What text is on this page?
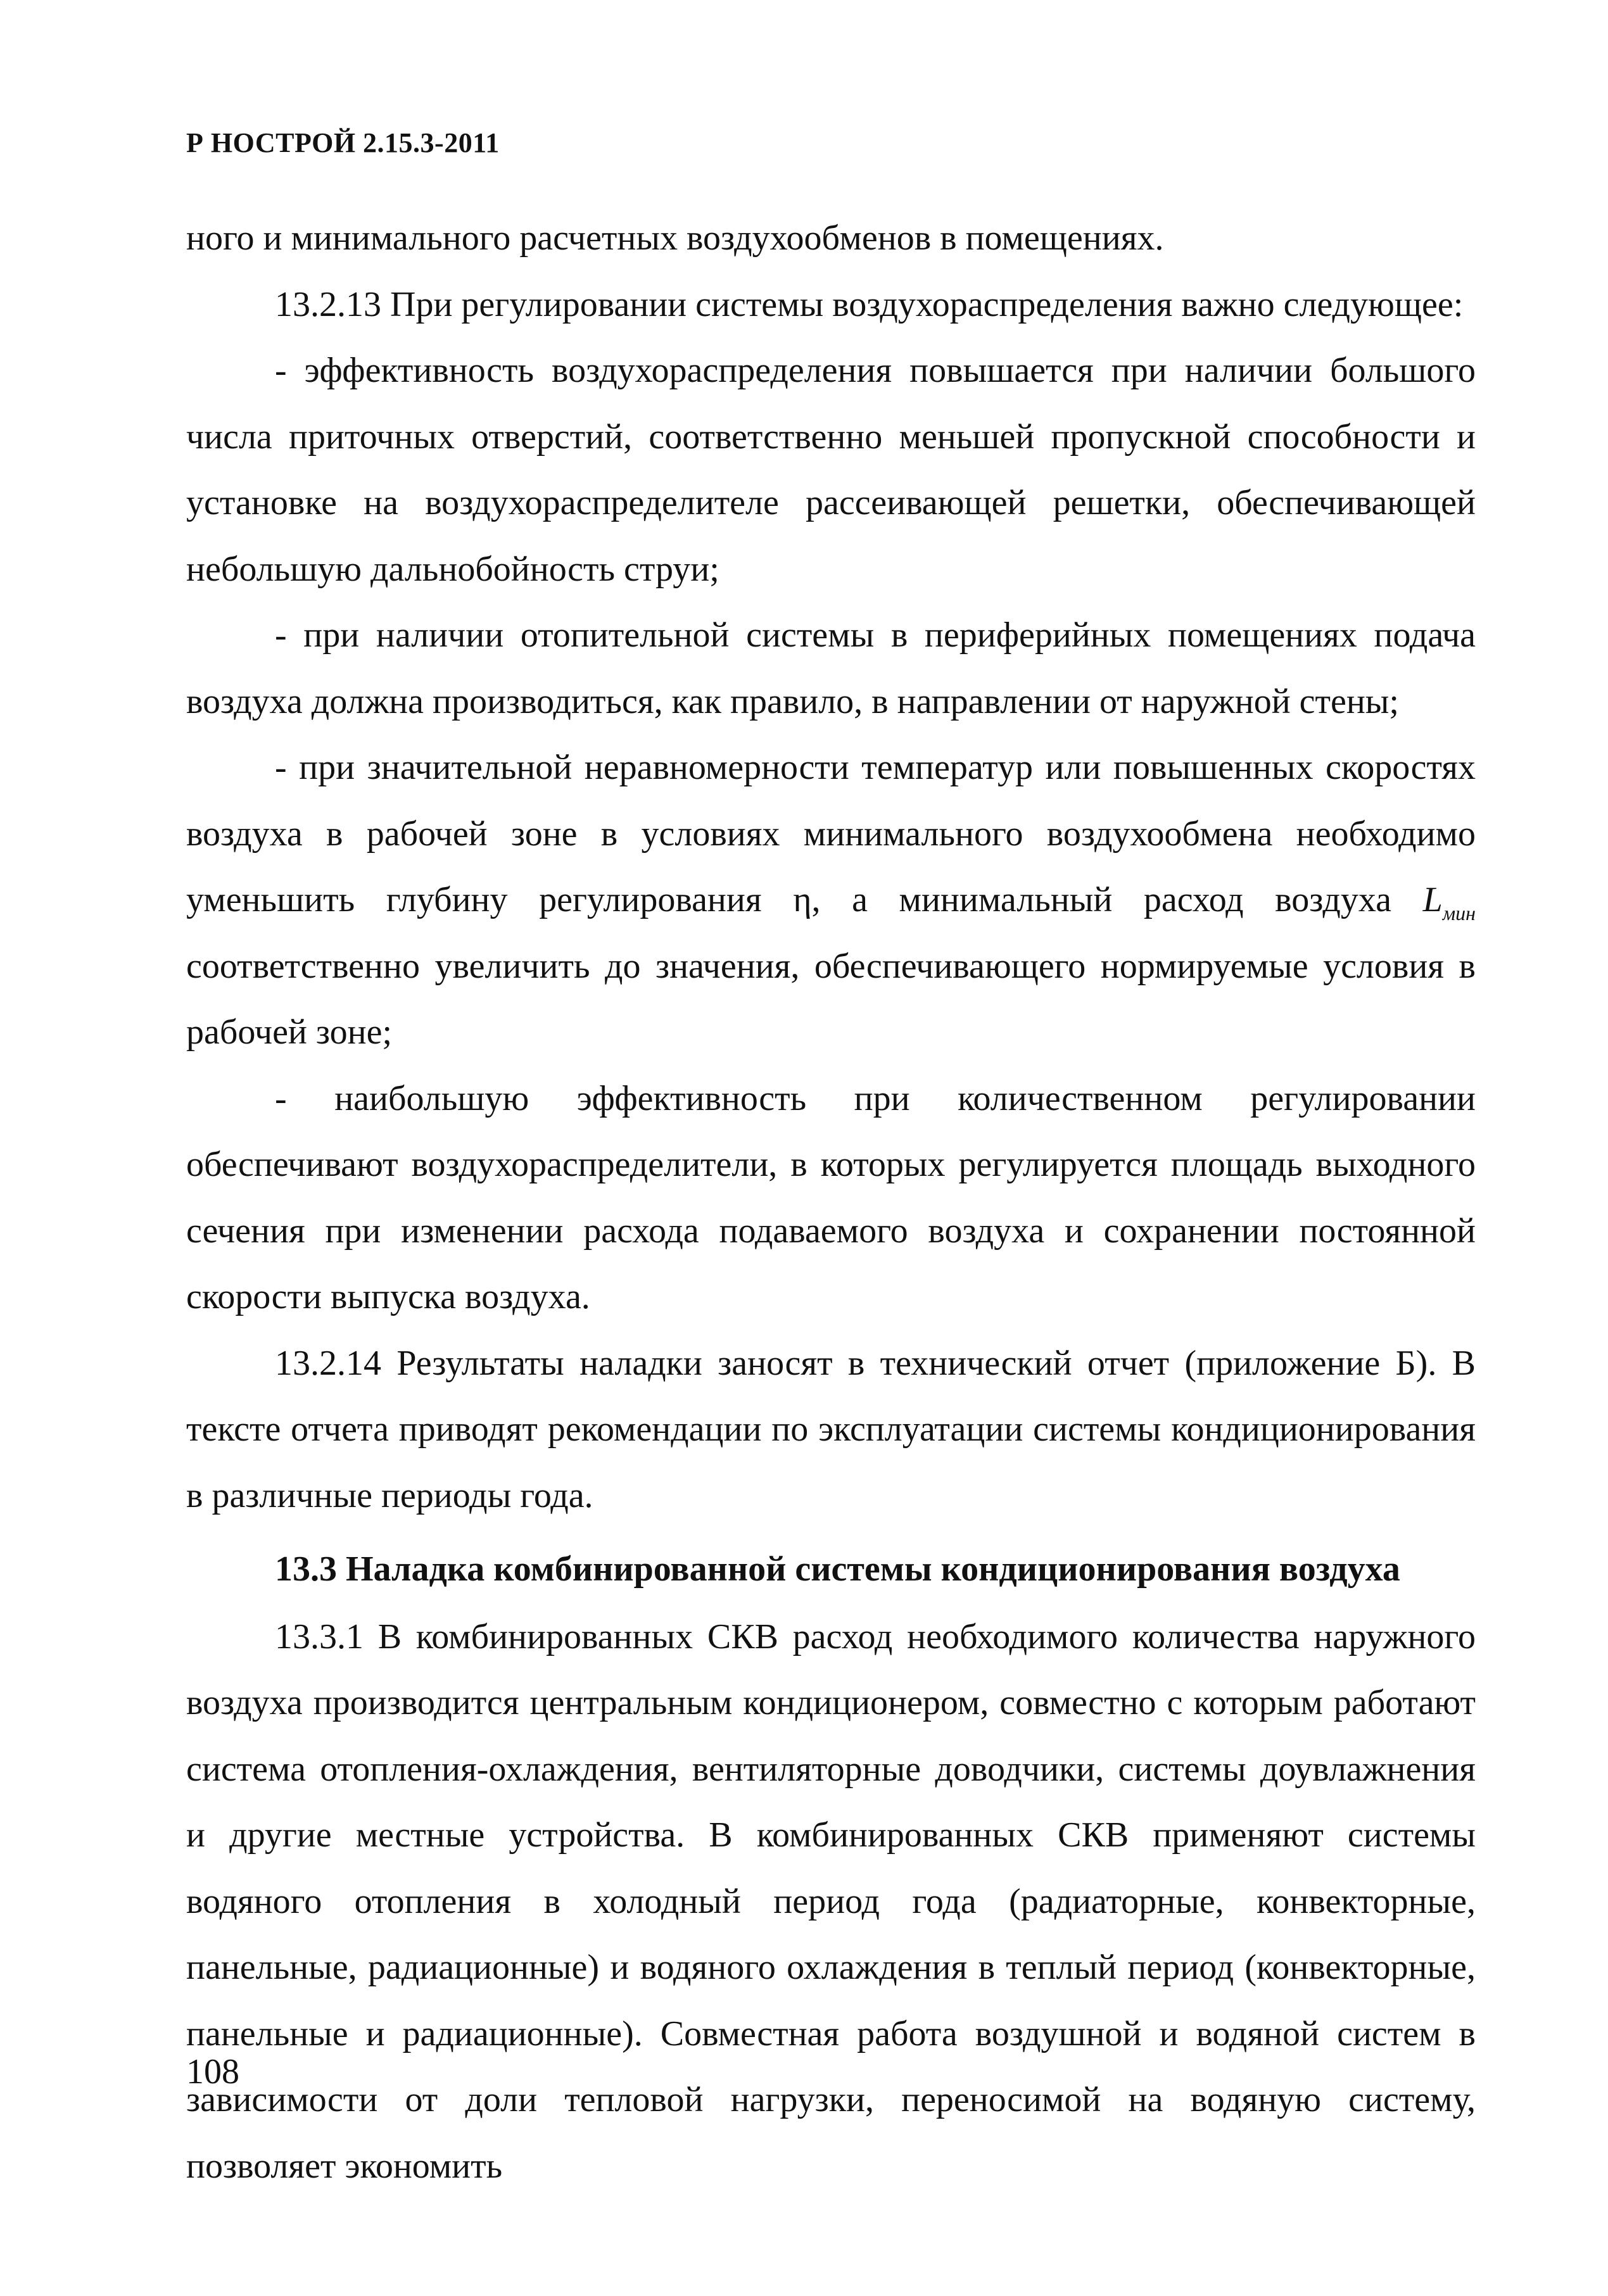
Р НОСТРОЙ 2.15.3-2011

ного и минимального расчетных воздухообменов в помещениях.

13.2.13 При регулировании системы воздухораспределения важно следующее:

- эффективность воздухораспределения повышается при наличии большого числа приточных отверстий, соответственно меньшей пропускной способности и установке на воздухораспределителе рассеивающей решетки, обеспечивающей небольшую дальнобойность струи;

- при наличии отопительной системы в периферийных помещениях подача воздуха должна производиться, как правило, в направлении от наружной стены;

- при значительной неравномерности температур или повышенных скоростях воздуха в рабочей зоне в условиях минимального воздухообмена необходимо уменьшить глубину регулирования η, а минимальный расход воздуха $L_{мин}$ соответственно увеличить до значения, обеспечивающего нормируемые условия в рабочей зоне;

- наибольшую эффективность при количественном регулировании обеспечивают воздухораспределители, в которых регулируется площадь выходного сечения при изменении расхода подаваемого воздуха и сохранении постоянной скорости выпуска воздуха.

13.2.14 Результаты наладки заносят в технический отчет (приложение Б). В тексте отчета приводят рекомендации по эксплуатации системы кондиционирования в различные периоды года.

13.3 Наладка комбинированной системы кондиционирования воздуха

13.3.1 В комбинированных СКВ расход необходимого количества наружного воздуха производится центральным кондиционером, совместно с которым работают система отопления-охлаждения, вентиляторные доводчики, системы доувлажнения и другие местные устройства. В комбинированных СКВ применяют системы водяного отопления в холодный период года (радиаторные, конвекторные, панельные, радиационные) и водяного охлаждения в теплый период (конвекторные, панельные и радиационные). Совместная работа воздушной и водяной систем в зависимости от доли тепловой нагрузки, переносимой на водяную систему, позволяет экономить

108
